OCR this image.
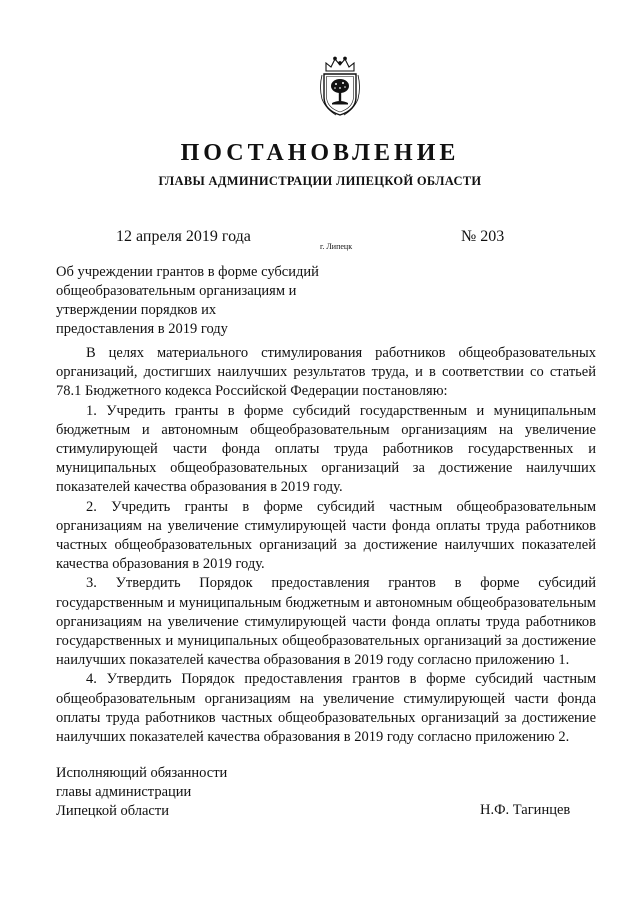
ПОСТАНОВЛЕНИЕ
ГЛАВЫ АДМИНИСТРАЦИИ ЛИПЕЦКОЙ ОБЛАСТИ
12 апреля 2019 года
г. Липецк
№ 203
Об учреждении грантов в форме субсидий
общеобразовательным организациям и
утверждении порядков их
предоставления в 2019 году

В целях материального стимулирования работников общеобразовательных организаций, достигших наилучших результатов труда, и в соответствии со статьей 78.1 Бюджетного кодекса Российской Федерации постановляю:

1. Учредить гранты в форме субсидий государственным и муниципальным бюджетным и автономным общеобразовательным организациям на увеличение стимулирующей части фонда оплаты труда работников государственных и муниципальных общеобразовательных организаций за достижение наилучших показателей качества образования в 2019 году.

2. Учредить гранты в форме субсидий частным общеобразовательным организациям на увеличение стимулирующей части фонда оплаты труда работников частных общеобразовательных организаций за достижение наилучших показателей качества образования в 2019 году.

3. Утвердить Порядок предоставления грантов в форме субсидий государственным и муниципальным бюджетным и автономным общеобразовательным организациям на увеличение стимулирующей части фонда оплаты труда работников государственных и муниципальных общеобразовательных организаций за достижение наилучших показателей качества образования в 2019 году согласно приложению 1.

4. Утвердить Порядок предоставления грантов в форме субсидий частным общеобразовательным организациям на увеличение стимулирующей части фонда оплаты труда работников частных общеобразовательных организаций за достижение наилучших показателей качества образования в 2019 году согласно приложению 2.

Исполняющий обязанности
главы администрации
Липецкой области	Н.Ф. Тагинцев
